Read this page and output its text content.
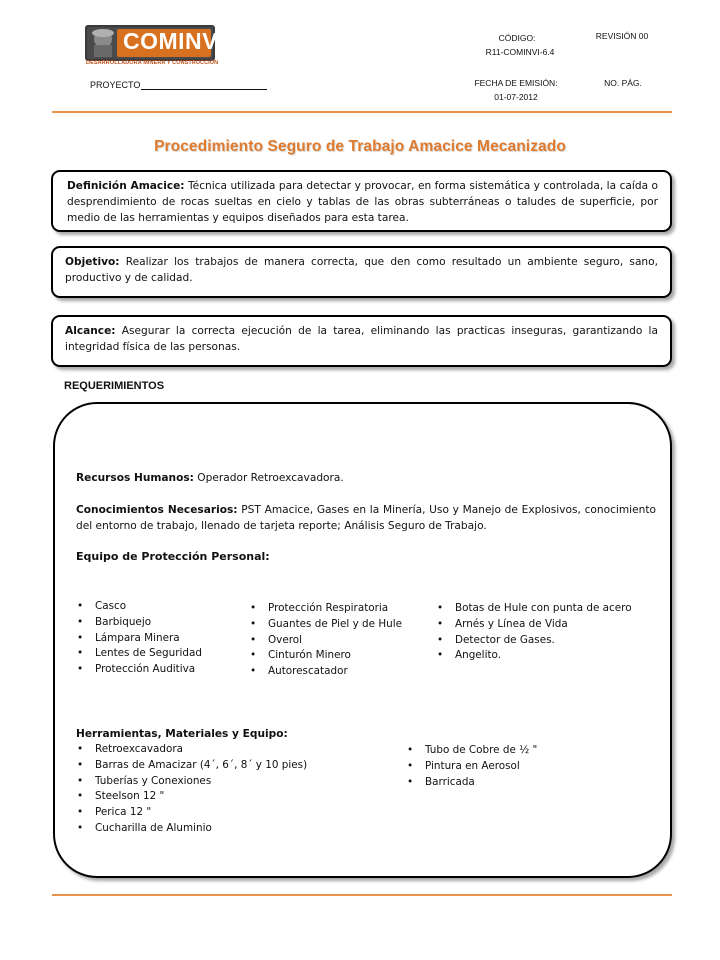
COMINVI
DESARROLLADORA MINERA Y CONSTRUCCIÓN
PROYECTO
CÓDIGO:
R11-COMINVI-6.4
REVISIÓN 00
FECHA DE EMISIÓN:
01-07-2012
NO. PÁG.
Procedimiento Seguro de Trabajo Amacice Mecanizado
Definición Amacice: Técnica utilizada para detectar y provocar, en forma sistemática y controlada, la caída o desprendimiento de rocas sueltas en cielo y tablas de las obras subterráneas o taludes de superficie, por medio de las herramientas y equipos diseñados para esta tarea.
Objetivo: Realizar los trabajos de manera correcta, que den como resultado un ambiente seguro, sano, productivo y de calidad.
Alcance: Asegurar la correcta ejecución de la tarea, eliminando las practicas inseguras, garantizando la integridad física de las personas.
REQUERIMIENTOS
Recursos Humanos: Operador Retroexcavadora.
Conocimientos Necesarios: PST Amacice, Gases en la Minería, Uso y Manejo de Explosivos, conocimiento del entorno de trabajo, llenado de tarjeta reporte; Análisis Seguro de Trabajo.
Equipo de Protección Personal:
• Casco
• Barbiquejo
• Lámpara Minera
• Lentes de Seguridad
• Protección Auditiva
• Protección Respiratoria
• Guantes de Piel y de Hule
• Overol
• Cinturón Minero
• Autorescatador
• Botas de Hule con punta de acero
• Arnés y Línea de Vida
• Detector de Gases.
• Angelito.
Herramientas, Materiales y Equipo:
• Retroexcavadora
• Barras de Amacizar (4´, 6´, 8´ y 10 pies)
• Tuberías y Conexiones
• Steelson 12 "
• Perica 12 "
• Cucharilla de Aluminio
• Tubo de Cobre de ½ "
• Pintura en Aerosol
• Barricada
